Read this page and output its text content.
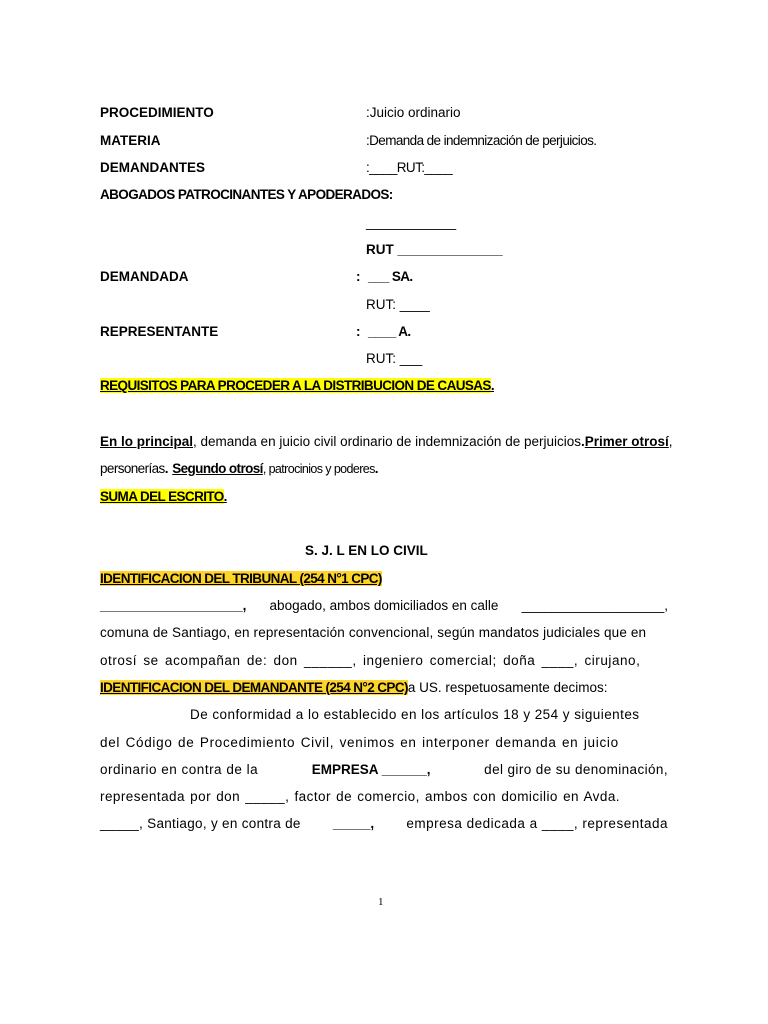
PROCEDIMIENTO	:Juicio ordinario
MATERIA	:Demanda de indemnización de perjuicios.
DEMANDANTES	:____RUT:____
ABOGADOS PATROCINANTES Y APODERADOS:
____________
RUT ______________
DEMANDADA	: ___ SA.
RUT: ____
REPRESENTANTE	: ____ A.
RUT: ___
REQUISITOS PARA PROCEDER A LA DISTRIBUCION DE CAUSAS.
En lo principal, demanda en juicio civil ordinario de indemnización de perjuicios. Primer otrosí,
personerías. Segundo otrosí, patrocinios y poderes.
SUMA DEL ESCRITO.
S. J. L EN LO CIVIL
IDENTIFICACION DEL TRIBUNAL (254 N°1 CPC)
___________________, abogado, ambos domiciliados en calle ___________________,
comuna de Santiago, en representación convencional, según mandatos judiciales que en
otrosí se acompañan de: don ______, ingeniero comercial; doña ____, cirujano,
IDENTIFICACION DEL DEMANDANTE (254 N°2 CPC)a US. respetuosamente decimos:
De conformidad a lo establecido en los artículos 18 y 254 y siguientes
del Código de Procedimiento Civil, venimos en interponer demanda en juicio
ordinario en contra de la	EMPRESA ______,	del giro de su denominación,
representada por don _____, factor de comercio, ambos con domicilio en Avda.
_____, Santiago, y en contra de _____, empresa dedicada a ____, representada
1
